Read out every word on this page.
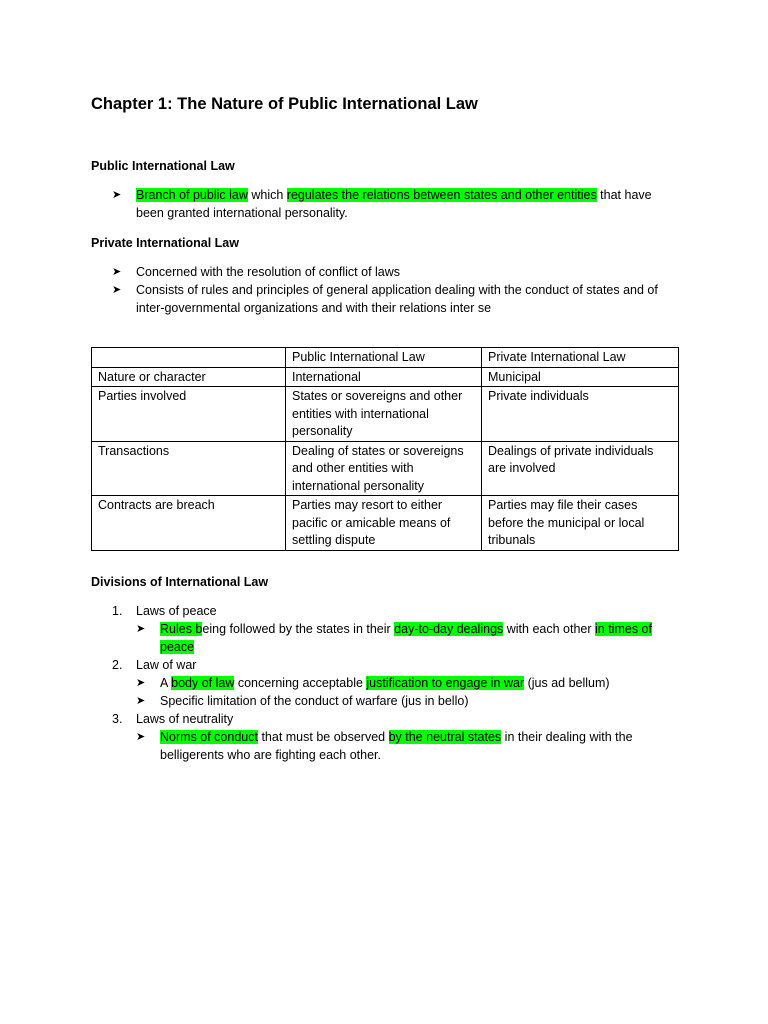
Chapter 1: The Nature of Public International Law
Public International Law
➤ Branch of public law which regulates the relations between states and other entities that have been granted international personality.
Private International Law
➤ Concerned with the resolution of conflict of laws
➤ Consists of rules and principles of general application dealing with the conduct of states and of inter-governmental organizations and with their relations inter se
	Public International Law	Private International Law
Nature or character	International	Municipal
Parties involved	States or sovereigns and other entities with international personality	Private individuals
Transactions	Dealing of states or sovereigns and other entities with international personality	Dealings of private individuals are involved
Contracts are breach	Parties may resort to either pacific or amicable means of settling dispute	Parties may file their cases before the municipal or local tribunals
Divisions of International Law
1. Laws of peace
➤ Rules being followed by the states in their day-to-day dealings with each other in times of peace
2. Law of war
➤ A body of law concerning acceptable justification to engage in war (jus ad bellum)
➤ Specific limitation of the conduct of warfare (jus in bello)
3. Laws of neutrality
➤ Norms of conduct that must be observed by the neutral states in their dealing with the belligerents who are fighting each other.
